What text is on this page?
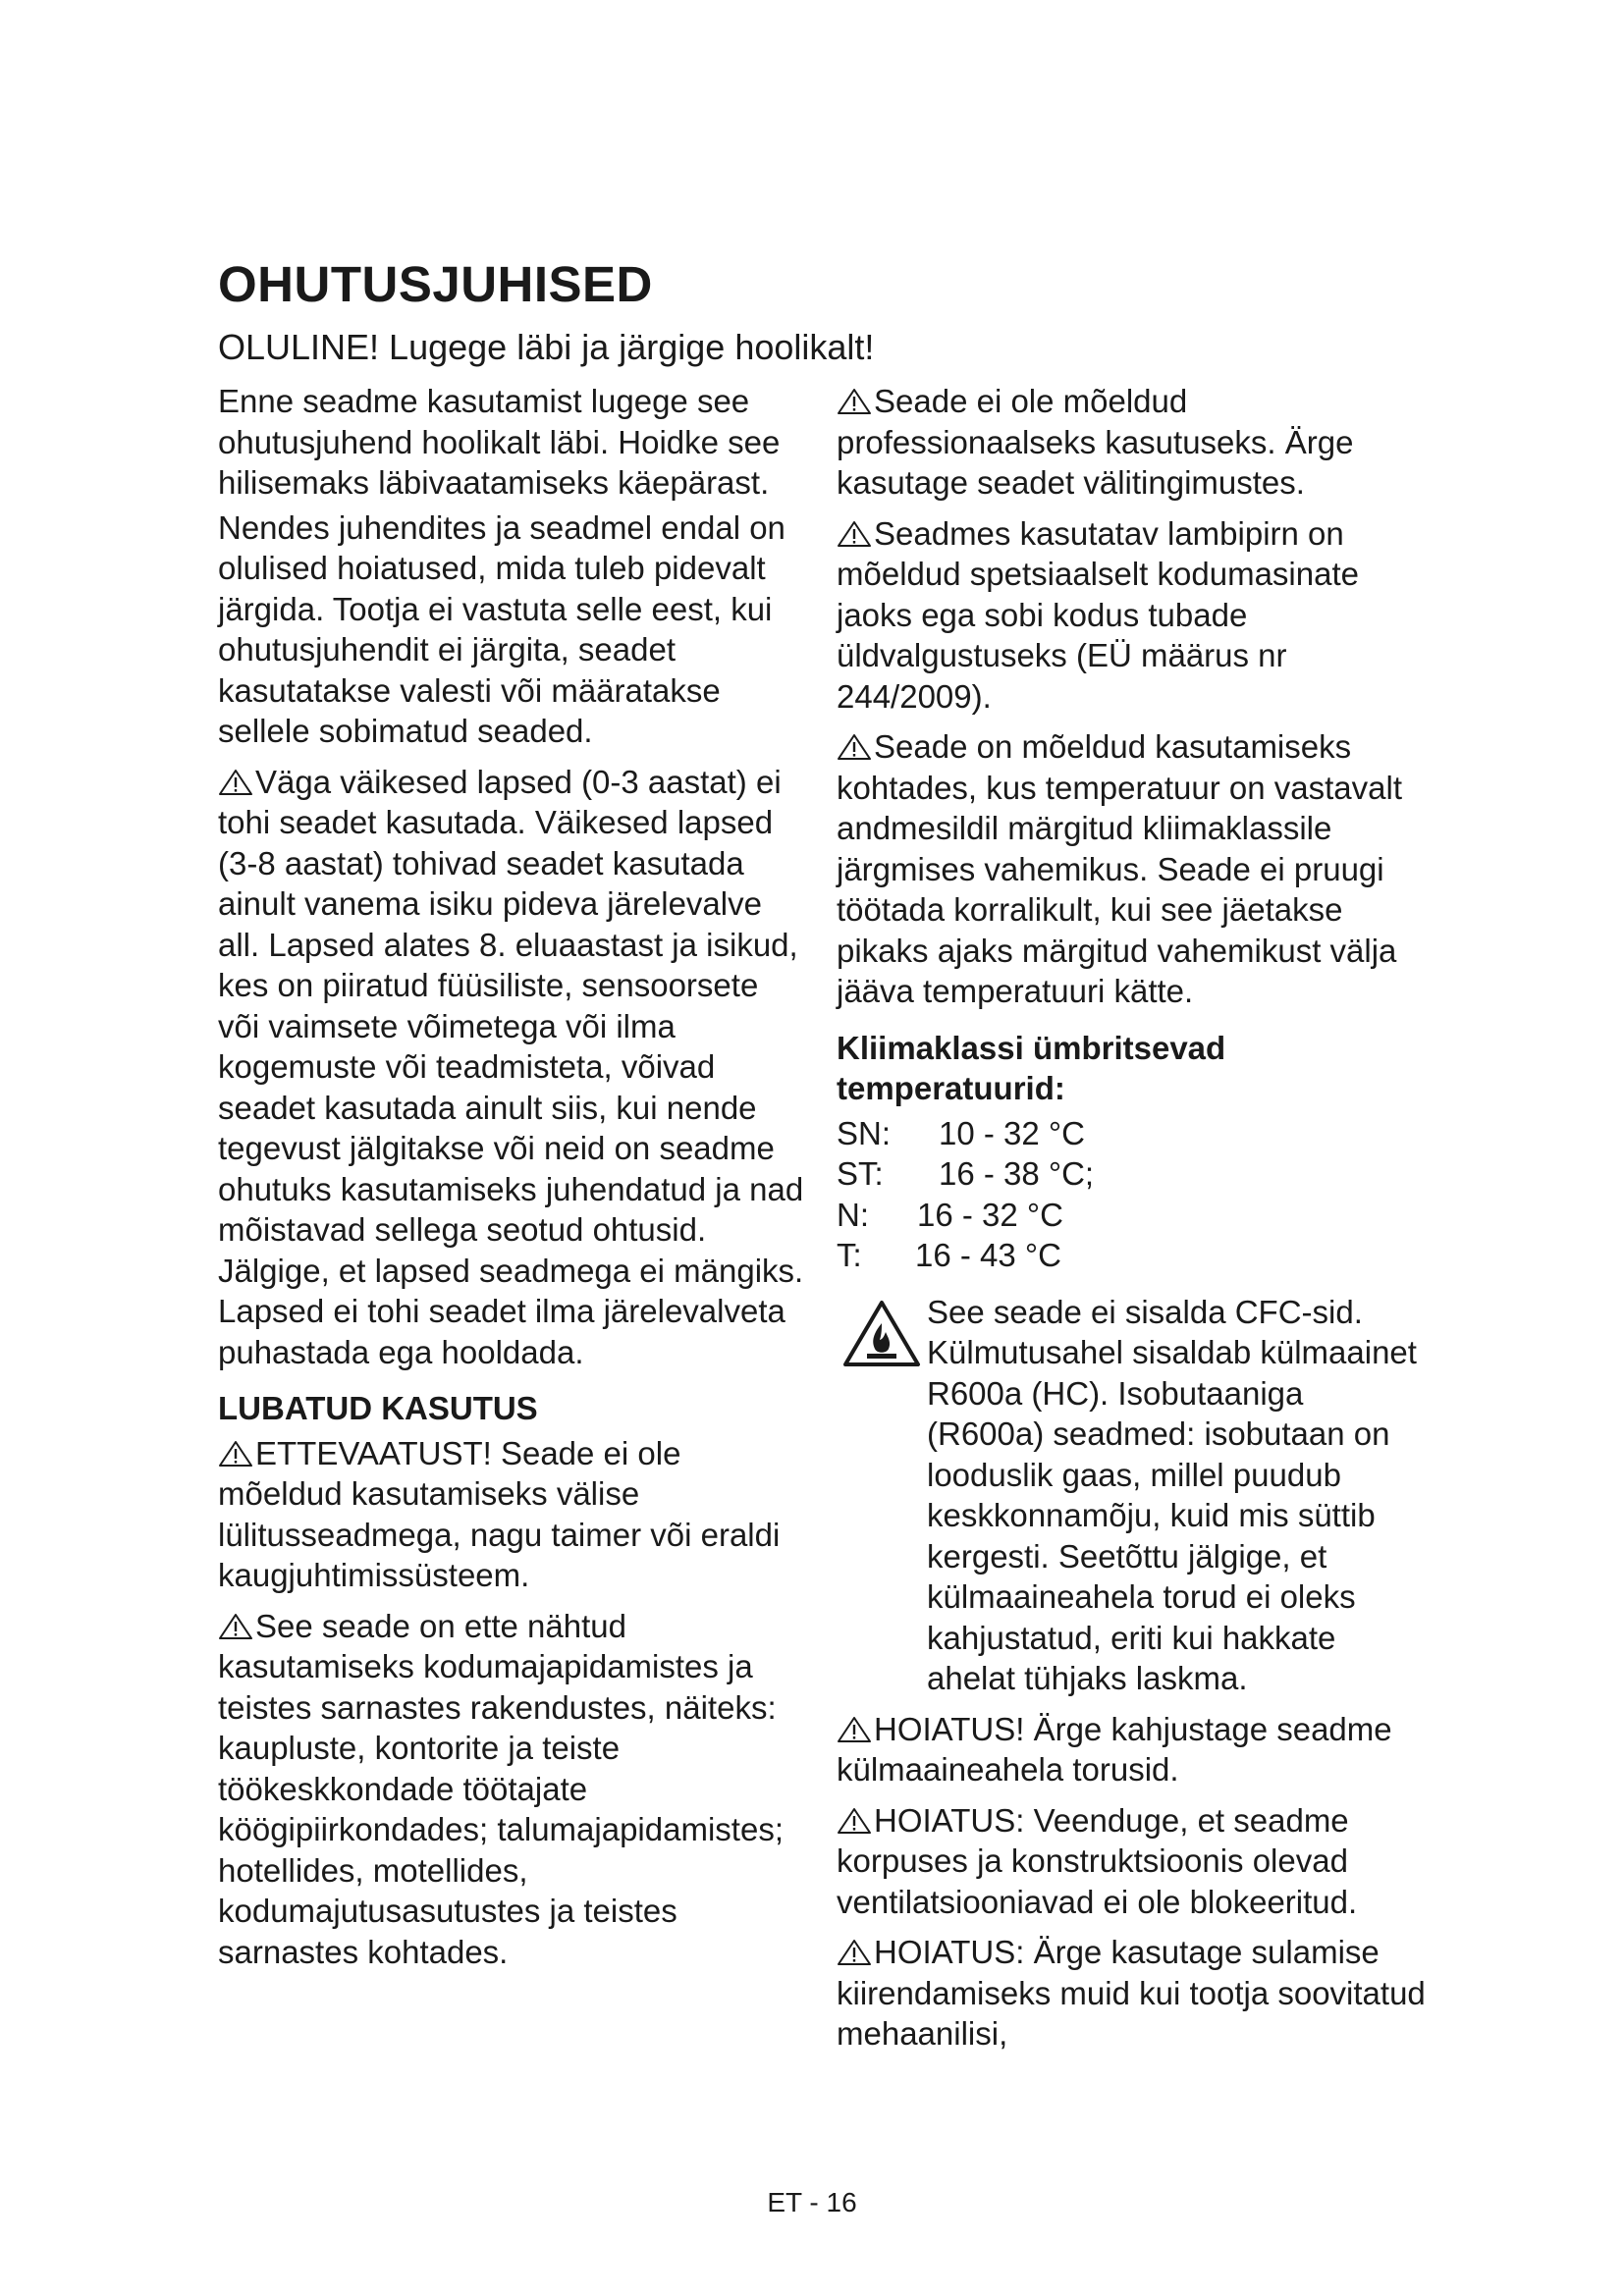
OHUTUSJUHISED

OLULINE! Lugege läbi ja järgige hoolikalt!

Enne seadme kasutamist lugege see ohutusjuhend hoolikalt läbi. Hoidke see hilisemaks läbivaatamiseks käepärast.

Nendes juhendites ja seadmel endal on olulised hoiatused, mida tuleb pidevalt järgida. Tootja ei vastuta selle eest, kui ohutusjuhendit ei järgita, seadet kasutatakse valesti või määratakse sellele sobimatud seaded.

Väga väikesed lapsed (0-3 aastat) ei tohi seadet kasutada. Väikesed lapsed (3-8 aastat) tohivad seadet kasutada ainult vanema isiku pideva järelevalve all. Lapsed alates 8. eluaastast ja isikud, kes on piiratud füüsiliste, sensoorsete või vaimsete võimetega või ilma kogemuste või teadmisteta, võivad seadet kasutada ainult siis, kui nende tegevust jälgitakse või neid on seadme ohutuks kasutamiseks juhendatud ja nad mõistavad sellega seotud ohtusid. Jälgige, et lapsed seadmega ei mängiks. Lapsed ei tohi seadet ilma järelevalveta puhastada ega hooldada.

LUBATUD KASUTUS

ETTEVAATUST! Seade ei ole mõeldud kasutamiseks välise lülitusseadmega, nagu taimer või eraldi kaugjuhtimissüsteem.

See seade on ette nähtud kasutamiseks kodumajapidamistes ja teistes sarnastes rakendustes, näiteks: kaupluste, kontorite ja teiste töökeskkondade töötajate köögipiirkondades; talumajapidamistes; hotellides, motellides, kodumajutusasutustes ja teistes sarnastes kohtades.

Seade ei ole mõeldud professionaalseks kasutuseks. Ärge kasutage seadet välitingimustes.

Seadmes kasutatav lambipirn on mõeldud spetsiaalselt kodumasinate jaoks ega sobi kodus tubade üldvalgustuseks (EÜ määrus nr 244/2009).

Seade on mõeldud kasutamiseks kohtades, kus temperatuur on vastavalt andmesildil märgitud kliimaklassile järgmises vahemikus. Seade ei pruugi töötada korralikult, kui see jäetakse pikaks ajaks märgitud vahemikust välja jääva temperatuuri kätte.

Kliimaklassi ümbritsevad temperatuurid:
SN:	10 - 32 °C
ST:	16 - 38 °C;
N:	16 - 32 °C
T:	16 - 43 °C
See seade ei sisalda CFC-sid. Külmutusahel sisaldab külmaainet R600a (HC). Isobutaaniga (R600a) seadmed: isobutaan on looduslik gaas, millel puudub keskkonnamõju, kuid mis süttib kergesti. Seetõttu jälgige, et külmaaineahela torud ei oleks kahjustatud, eriti kui hakkate ahelat tühjaks laskma.

HOIATUS! Ärge kahjustage seadme külmaaineahela torusid.

HOIATUS: Veenduge, et seadme korpuses ja konstruktsioonis olevad ventilatsiooniavad ei ole blokeeritud.

HOIATUS: Ärge kasutage sulamise kiirendamiseks muid kui tootja soovitatud mehaanilisi,

ET - 16
